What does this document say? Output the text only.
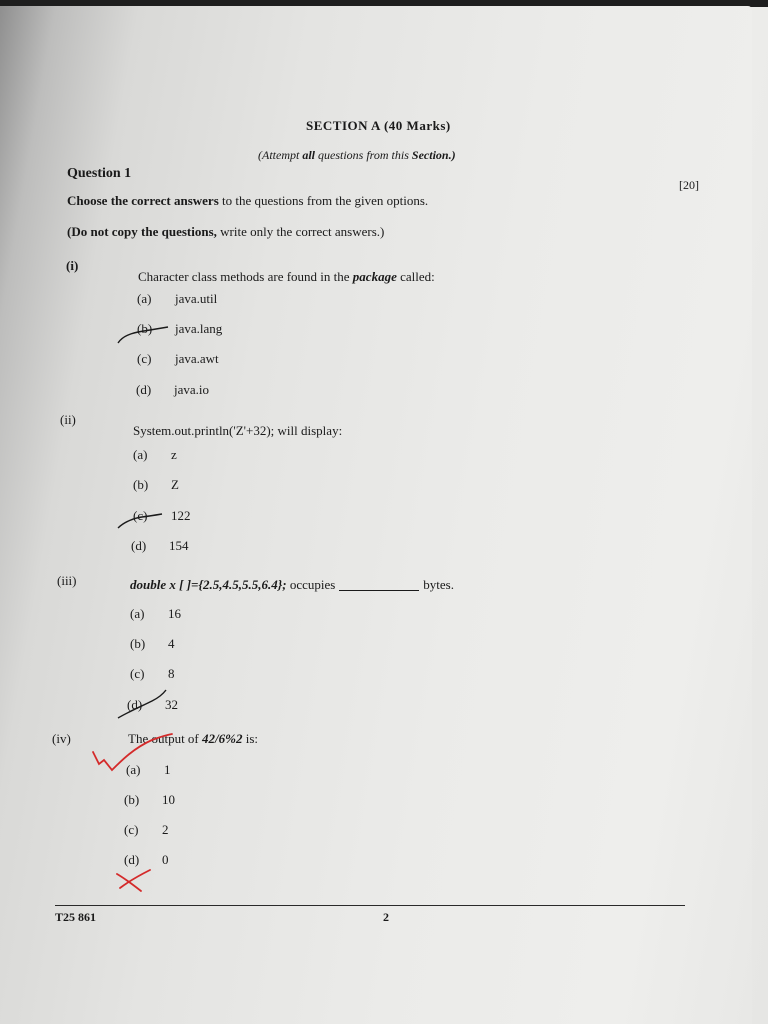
SECTION A (40 Marks)
(Attempt all questions from this Section.)
Question 1
[20]
Choose the correct answers to the questions from the given options.
(Do not copy the questions, write only the correct answers.)
(i)
Character class methods are found in the package called:
(a) java.util
(b) java.lang
(c) java.awt
(d) java.io
(ii)
System.out.println('Z'+32); will display:
(a) z
(b) Z
(c) 122
(d) 154
(iii)	double x [ ]={2.5,4.5,5.5,6.4}; occupies	bytes.
(a) 16
(b) 4
(c) 8
(d) 32
(iv)	The output of 42/6%2 is:
(a) 1
(b) 10
(c) 2
(d) 0
T25 861	2
